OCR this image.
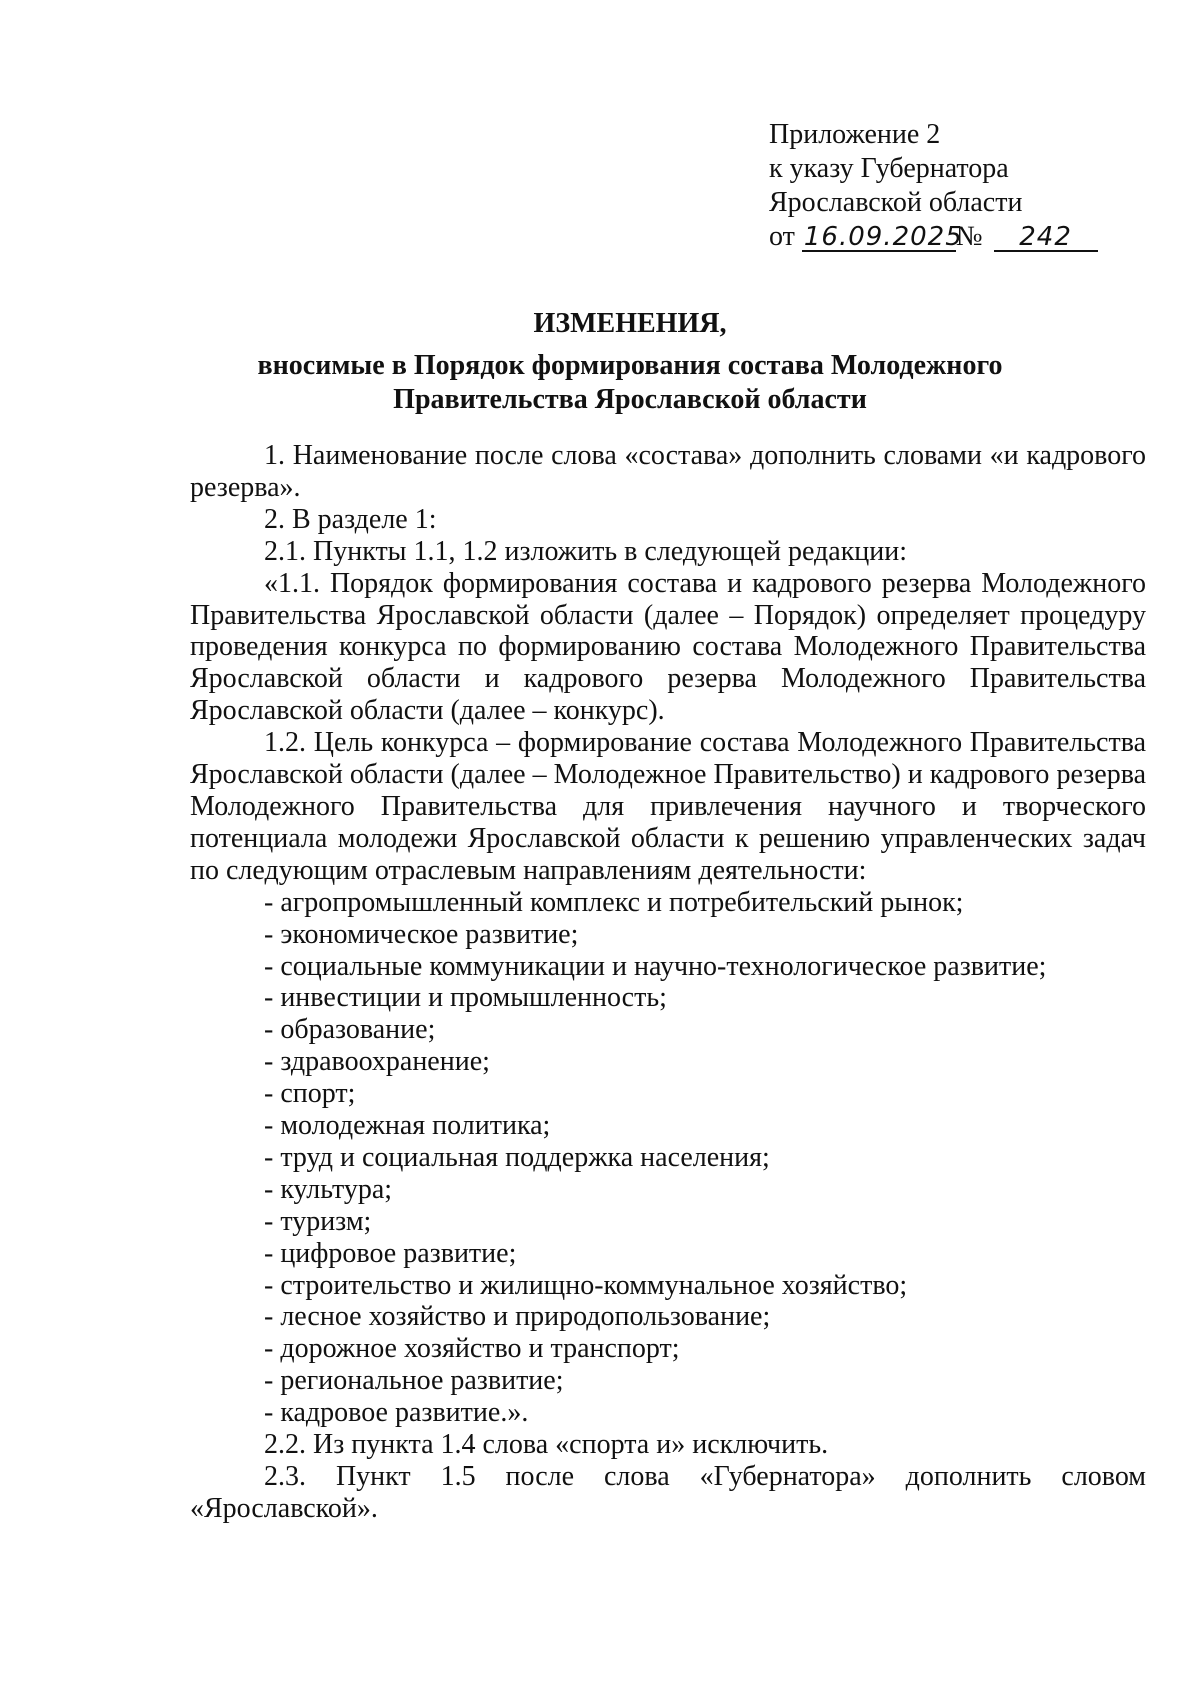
Приложение 2
к указу Губернатора
Ярославской области
от 16.09.2025№ 242
ИЗМЕНЕНИЯ,
вносимые в Порядок формирования состава Молодежного Правительства Ярославской области

1. Наименование после слова «состава» дополнить словами «и кадрового резерва».

2. В разделе 1:

2.1. Пункты 1.1, 1.2 изложить в следующей редакции:

«1.1. Порядок формирования состава и кадрового резерва Молодежного Правительства Ярославской области (далее – Порядок) определяет процедуру проведения конкурса по формированию состава Молодежного Правительства Ярославской области и кадрового резерва Молодежного Правительства Ярославской области (далее – конкурс).

1.2. Цель конкурса – формирование состава Молодежного Правительства Ярославской области (далее – Молодежное Правительство) и кадрового резерва Молодежного Правительства для привлечения научного и творческого потенциала молодежи Ярославской области к решению управленческих задач по следующим отраслевым направлениям деятельности:

- агропромышленный комплекс и потребительский рынок;

- экономическое развитие;

- социальные коммуникации и научно-технологическое развитие;

- инвестиции и промышленность;

- образование;

- здравоохранение;

- спорт;

- молодежная политика;

- труд и социальная поддержка населения;

- культура;

- туризм;

- цифровое развитие;

- строительство и жилищно-коммунальное хозяйство;

- лесное хозяйство и природопользование;

- дорожное хозяйство и транспорт;

- региональное развитие;

- кадровое развитие.».

2.2. Из пункта 1.4 слова «спорта и» исключить.

2.3. Пункт 1.5 после слова «Губернатора» дополнить словом «Ярославской».
